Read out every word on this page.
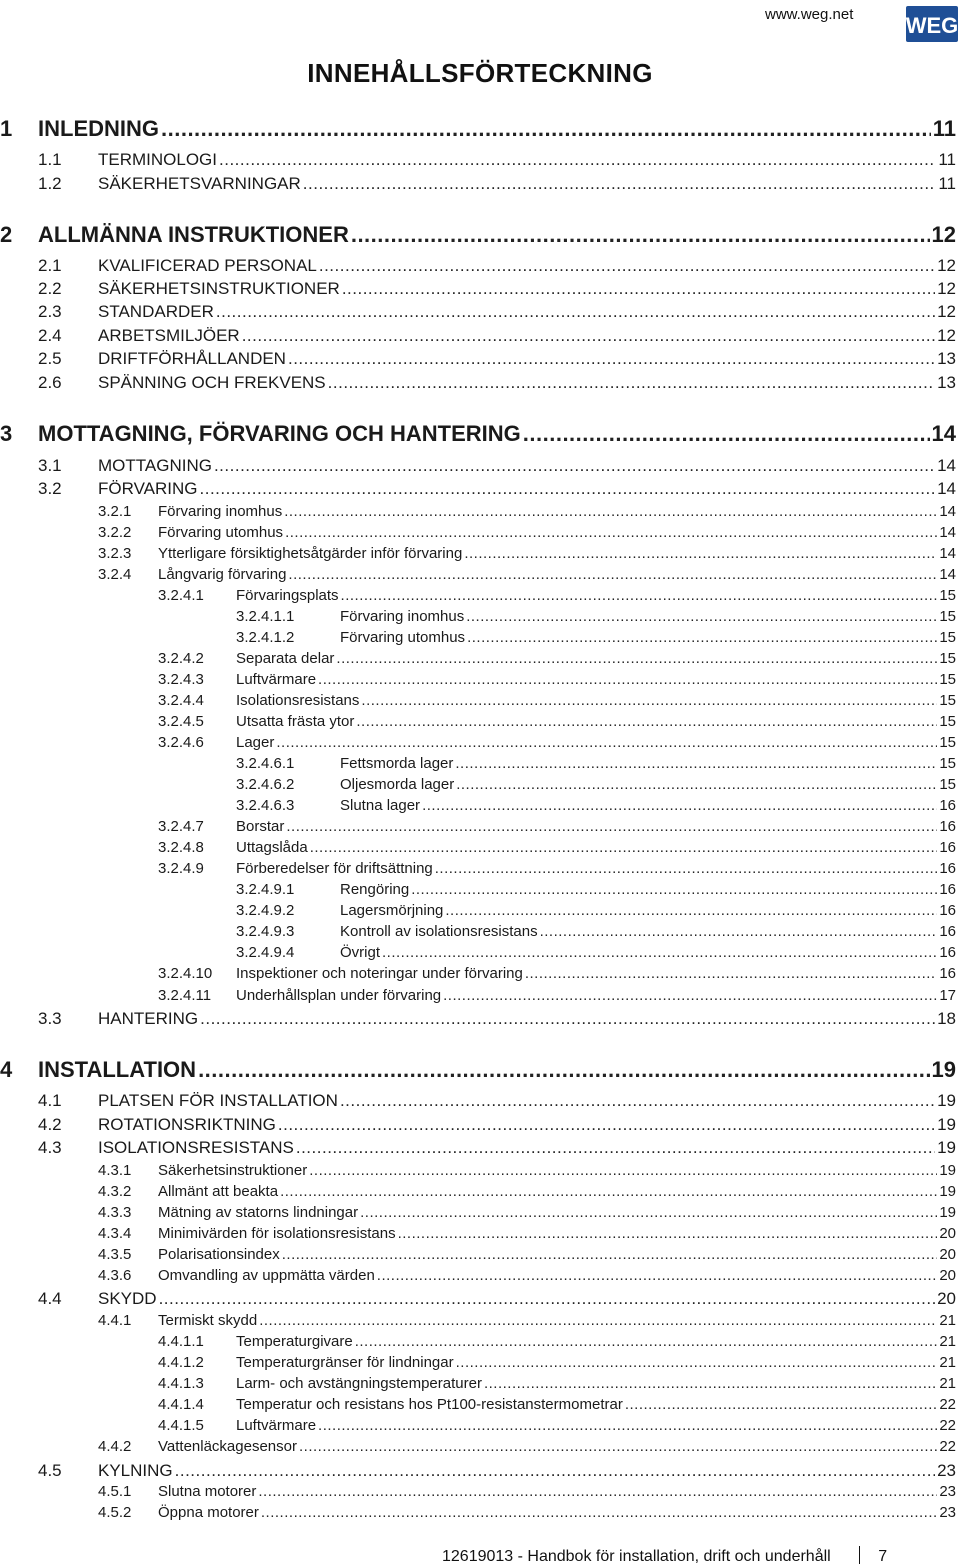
www.weg.net WEG
INNEHÅLLSFÖRTECKNING
1 INLEDNING .....	11
1.1 TERMINOLOGI .....	11
1.2 SÄKERHETSVARNINGAR .....	11
2 ALLMÄNNA INSTRUKTIONER .....	12
2.1 KVALIFICERAD PERSONAL .....	12
2.2 SÄKERHETSINSTRUKTIONER .....	12
2.3 STANDARDER .....	12
2.4 ARBETSMILJÖER .....	12
2.5 DRIFTFÖRHÅLLANDEN .....	13
2.6 SPÄNNING OCH FREKVENS .....	13
3 MOTTAGNING, FÖRVARING OCH HANTERING .....	14
3.1 MOTTAGNING .....	14
3.2 FÖRVARING .....	14
3.2.1 Förvaring inomhus .....	14
3.2.2 Förvaring utomhus .....	14
3.2.3 Ytterligare försiktighetsåtgärder inför förvaring .....	14
3.2.4 Långvarig förvaring .....	14
3.2.4.1 Förvaringsplats .....	15
3.2.4.1.1	Förvaring inomhus .....	15
3.2.4.1.2	Förvaring utomhus .....	15
3.2.4.2 Separata delar .....	15
3.2.4.3 Luftvärmare .....	15
3.2.4.4 Isolationsresistans .....	15
3.2.4.5 Utsatta frästa ytor .....	15
3.2.4.6 Lager .....	15
3.2.4.6.1	Fettsmorda lager .....	15
3.2.4.6.2	Oljesmorda lager .....	15
3.2.4.6.3	Slutna lager .....	16
3.2.4.7 Borstar .....	16
3.2.4.8 Uttagslåda .....	16
3.2.4.9 Förberedelser för driftsättning .....	16
3.2.4.9.1	Rengöring .....	16
3.2.4.9.2	Lagersmörjning .....	16
3.2.4.9.3	Kontroll av isolationsresistans .....	16
3.2.4.9.4	Övrigt .....	16
3.2.4.10 Inspektioner och noteringar under förvaring .....	16
3.2.4.11 Underhållsplan under förvaring .....	17
3.3 HANTERING .....	18
4 INSTALLATION .....	19
4.1 PLATSEN FÖR INSTALLATION .....	19
4.2 ROTATIONSRIKTNING .....	19
4.3 ISOLATIONSRESISTANS .....	19
4.3.1 Säkerhetsinstruktioner .....	19
4.3.2 Allmänt att beakta .....	19
4.3.3 Mätning av statorns lindningar .....	19
4.3.4 Minimivärden för isolationsresistans .....	20
4.3.5 Polarisationsindex .....	20
4.3.6 Omvandling av uppmätta värden .....	20
4.4 SKYDD .....	20
4.4.1 Termiskt skydd .....	21
4.4.1.1 Temperaturgivare .....	21
4.4.1.2 Temperaturgränser för lindningar .....	21
4.4.1.3 Larm- och avstängningstemperaturer .....	21
4.4.1.4 Temperatur och resistans hos Pt100-resistanstermometrar .....	22
4.4.1.5 Luftvärmare .....	22
4.4.2 Vattenläckagesensor .....	22
4.5 KYLNING .....	23
4.5.1 Slutna motorer .....	23
4.5.2 Öppna motorer .....	23
12619013 - Handbok för installation, drift och underhåll	7
